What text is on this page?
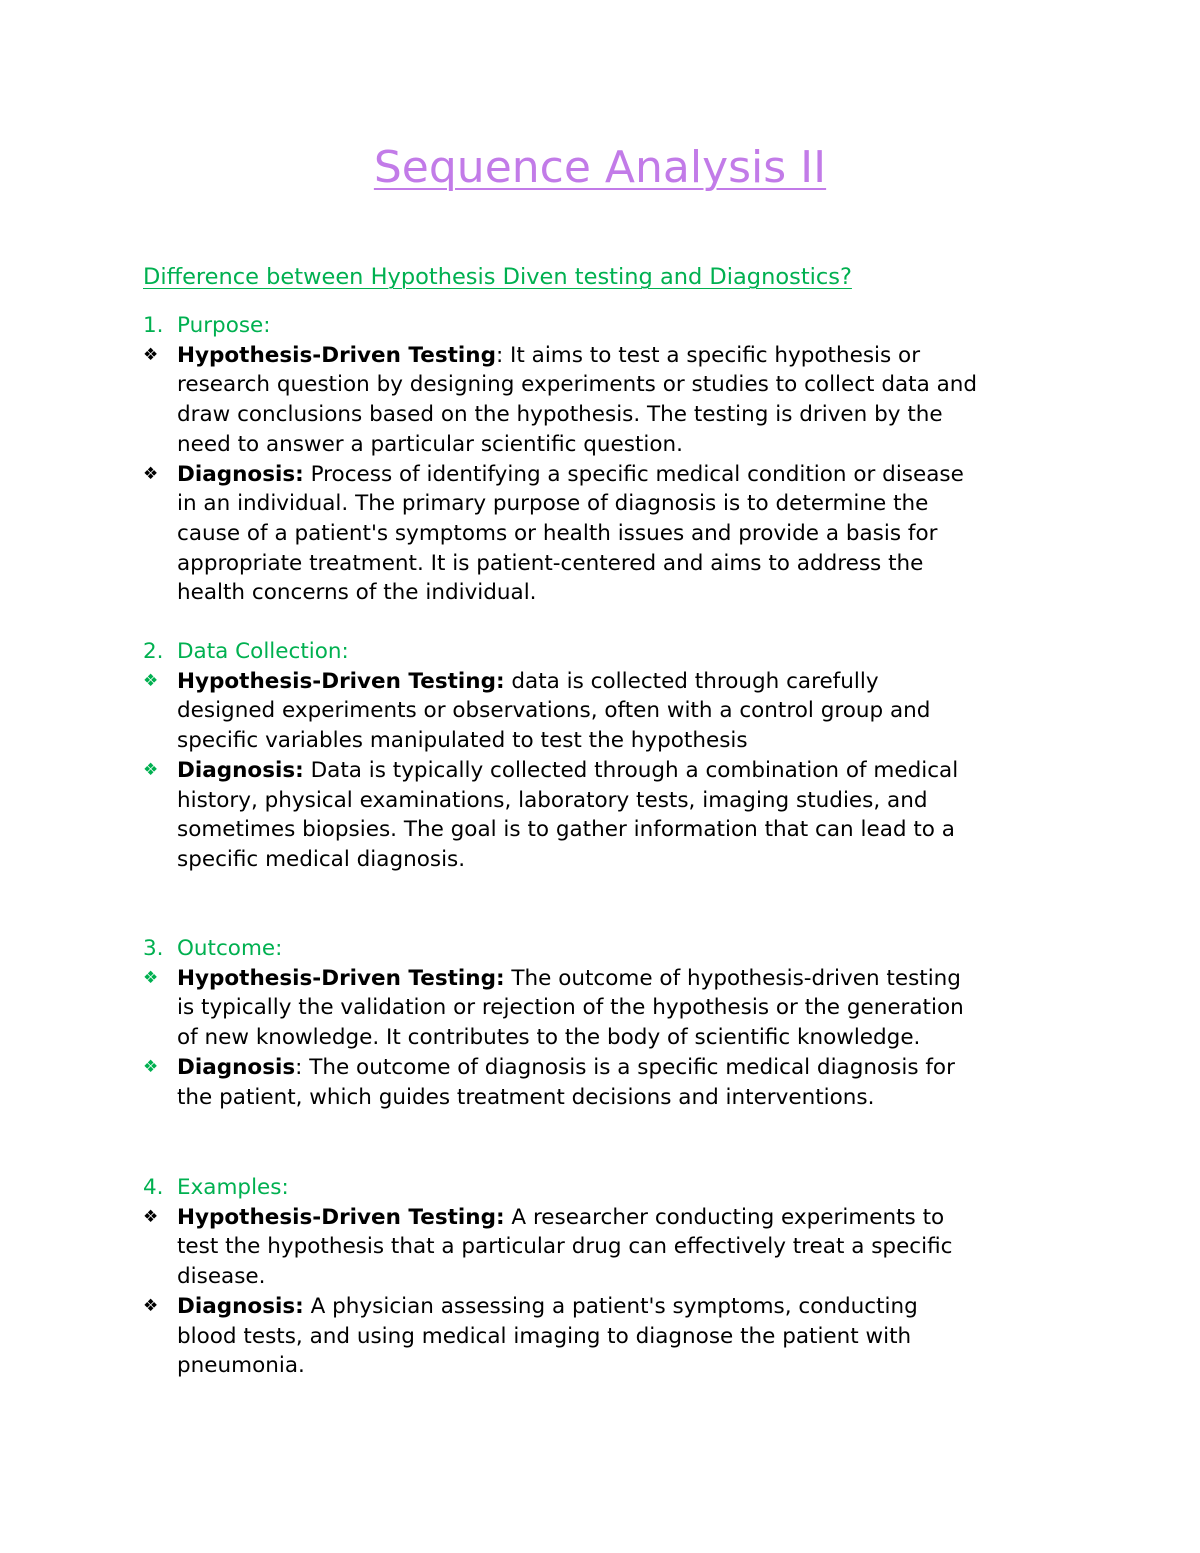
Sequence Analysis II
Difference between Hypothesis Diven testing and Diagnostics?
1. Purpose:
❖ Hypothesis-Driven Testing: It aims to test a specific hypothesis or
research question by designing experiments or studies to collect data and
draw conclusions based on the hypothesis. The testing is driven by the
need to answer a particular scientific question.
❖ Diagnosis: Process of identifying a specific medical condition or disease
in an individual. The primary purpose of diagnosis is to determine the
cause of a patient's symptoms or health issues and provide a basis for
appropriate treatment. It is patient-centered and aims to address the
health concerns of the individual.
2. Data Collection:
❖ Hypothesis-Driven Testing: data is collected through carefully
designed experiments or observations, often with a control group and
specific variables manipulated to test the hypothesis
❖ Diagnosis: Data is typically collected through a combination of medical
history, physical examinations, laboratory tests, imaging studies, and
sometimes biopsies. The goal is to gather information that can lead to a
specific medical diagnosis.
3. Outcome:
❖ Hypothesis-Driven Testing: The outcome of hypothesis-driven testing
is typically the validation or rejection of the hypothesis or the generation
of new knowledge. It contributes to the body of scientific knowledge.
❖ Diagnosis: The outcome of diagnosis is a specific medical diagnosis for
the patient, which guides treatment decisions and interventions.
4. Examples:
❖ Hypothesis-Driven Testing: A researcher conducting experiments to
test the hypothesis that a particular drug can effectively treat a specific
disease.
❖ Diagnosis: A physician assessing a patient's symptoms, conducting
blood tests, and using medical imaging to diagnose the patient with
pneumonia.
